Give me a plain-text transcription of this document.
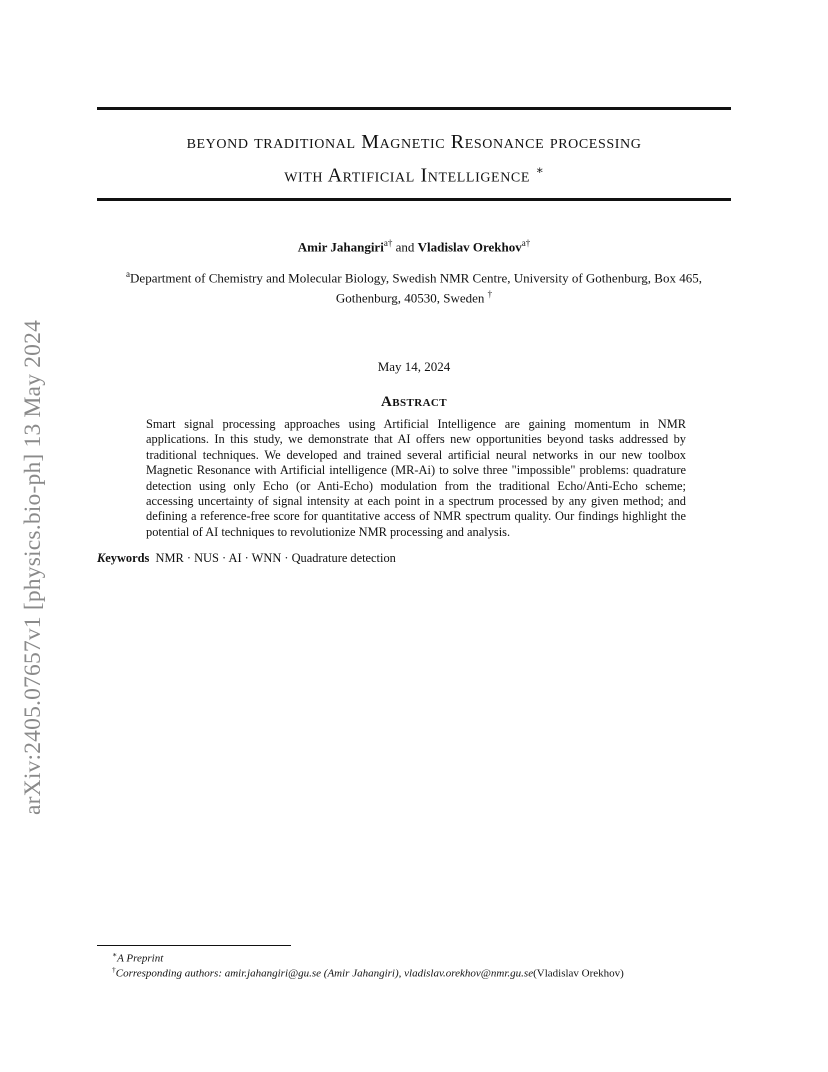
beyond traditional Magnetic Resonance processing
with Artificial Intelligence ∗
Amir Jahangiri$^{a\dagger}$ and Vladislav Orekhov$^{a\dagger}$
$^a$Department of Chemistry and Molecular Biology, Swedish NMR Centre, University of Gothenburg, Box 465,
Gothenburg, 40530, Sweden †
May 14, 2024
Abstract
Smart signal processing approaches using Artificial Intelligence are gaining momentum in NMR applications. In this study, we demonstrate that AI offers new opportunities beyond tasks addressed by traditional techniques. We developed and trained several artificial neural networks in our new toolbox Magnetic Resonance with Artificial intelligence (MR-Ai) to solve three "impossible" problems: quadrature detection using only Echo (or Anti-Echo) modulation from the traditional Echo/Anti-Echo scheme; accessing uncertainty of signal intensity at each point in a spectrum processed by any given method; and defining a reference-free score for quantitative access of NMR spectrum quality. Our findings highlight the potential of AI techniques to revolutionize NMR processing and analysis.
Keywords NMR · NUS · AI · WNN · Quadrature detection
arXiv:2405.07657v1 [physics.bio-ph] 13 May 2024
∗A Preprint
†Corresponding authors: amir.jahangiri@gu.se (Amir Jahangiri), vladislav.orekhov@nmr.gu.se(Vladislav Orekhov)
